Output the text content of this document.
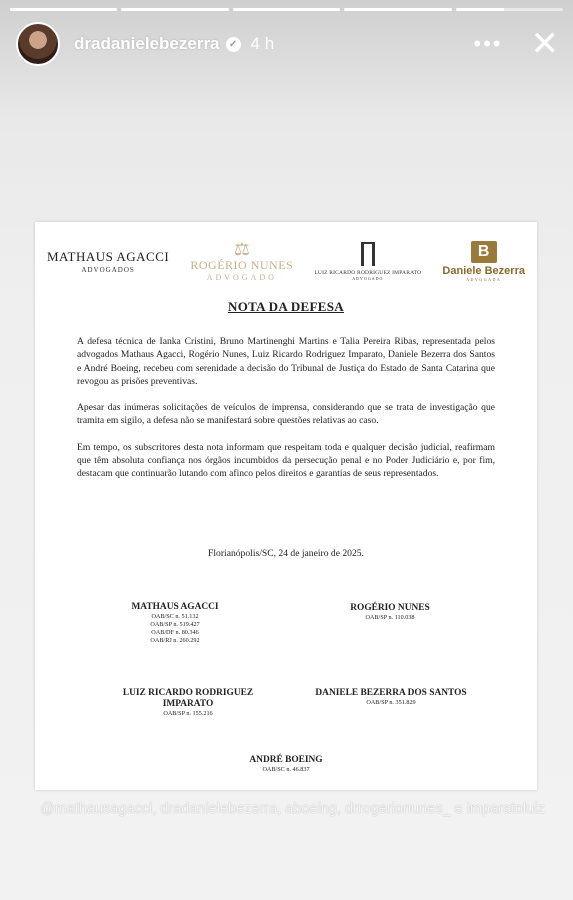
dradanielebezerra ✓ 4 h	••• ✕
MATHAUS AGACCI
ADVOGADOS
⚖
ROGÉRIO NUNES
ADVOGADO
LUIZ RICARDO RODRIGUEZ IMPARATO
ADVOGADO
B
Daniele Bezerra
ADVOGADA
NOTA DA DEFESA

A defesa técnica de Ianka Cristini, Bruno Martinenghi Martins e Talia Pereira Ribas, representada pelos advogados Mathaus Agacci, Rogério Nunes, Luiz Ricardo Rodriguez Imparato, Daniele Bezerra dos Santos e André Boeing, recebeu com serenidade a decisão do Tribunal de Justiça do Estado de Santa Catarina que revogou as prisões preventivas.

Apesar das inúmeras solicitações de veículos de imprensa, considerando que se trata de investigação que tramita em sigilo, a defesa não se manifestará sobre questões relativas ao caso.

Em tempo, os subscritores desta nota informam que respeitam toda e qualquer decisão judicial, reafirmam que têm absoluta confiança nos órgãos incumbidos da persecução penal e no Poder Judiciário e, por fim, destacam que continuarão lutando com afinco pelos direitos e garantias de seus representados.

Florianópolis/SC, 24 de janeiro de 2025.
MATHAUS AGACCI
OAB/SC n. 51.132
OAB/SP n. 519.427
OAB/DF n. 80.346
OAB/RJ n. 260.292
ROGÉRIO NUNES
OAB/SP n. 110.038
LUIZ RICARDO RODRIGUEZ IMPARATO
OAB/SP n. 155.216
DANIELE BEZERRA DOS SANTOS
OAB/SP n. 351.829
ANDRÉ BOEING
OAB/SC n. 46.837
@mathausagacci, dradanielebezerra, aboeing, drrogerionunes_ e imparatoluiz
